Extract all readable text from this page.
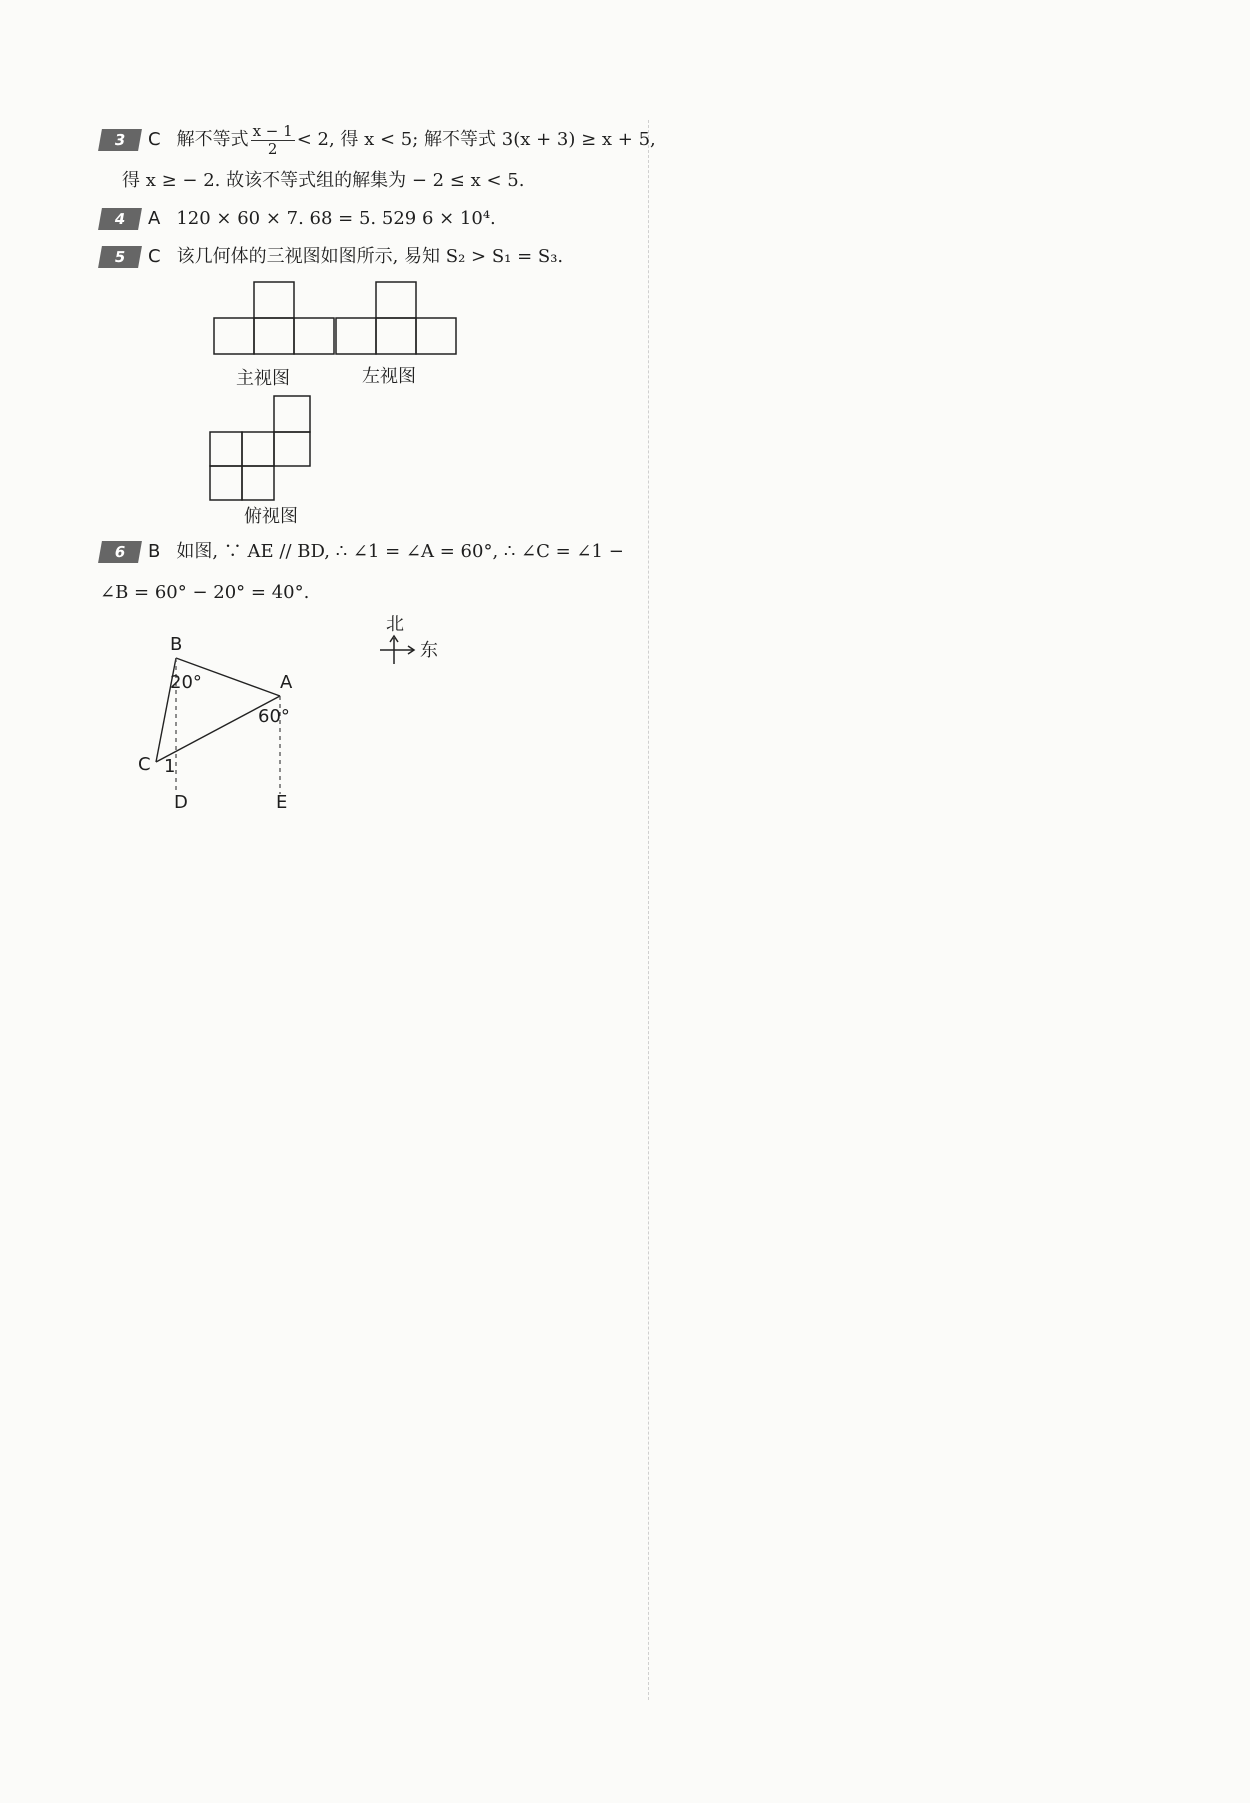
3 C 解不等式 $\frac{x - 1}{2} < 2$, 得 x < 5; 解不等式 3(x + 3) ≥ x + 5,
得 x ≥ − 2. 故该不等式组的解集为 − 2 ≤ x < 5.
4 A 120 × 60 × 7. 68 = 5. 529 6 × 10⁴.
5 C 该几何体的三视图如图所示, 易知 S₂ > S₁ = S₃.
主视图	左视图
俯视图
6 B 如图, ∵ AE // BD, ∴ ∠1 = ∠A = 60°, ∴ ∠C = ∠1 −
∠B = 60° − 20° = 40°.
北
东
B
A
C
D	E
1
20°
60°
